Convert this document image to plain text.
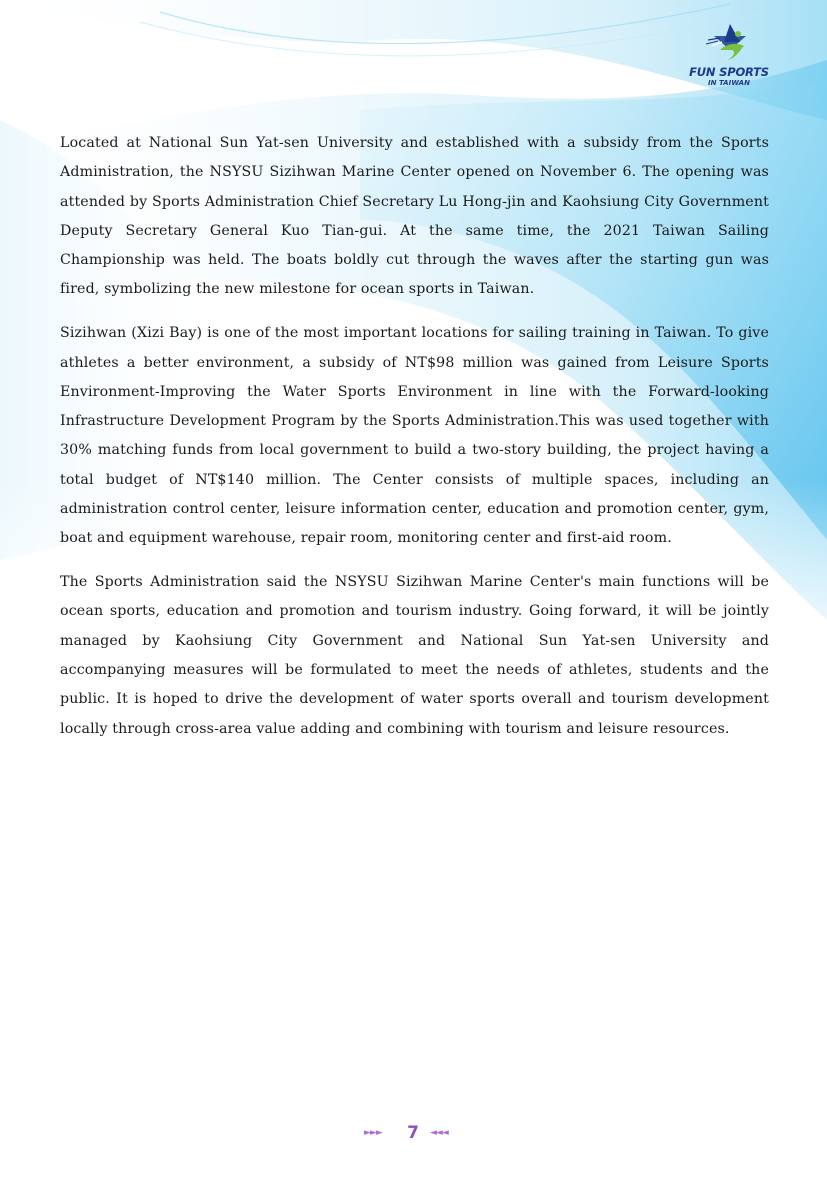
FUN SPORTS
IN TAIWAN

Located at National Sun Yat-sen University and established with a subsidy from the Sports Administration, the NSYSU Sizihwan Marine Center opened on November 6. The opening was attended by Sports Administration Chief Secretary Lu Hong-jin and Kaohsiung City Government Deputy Secretary General Kuo Tian-gui. At the same time, the 2021 Taiwan Sailing Championship was held. The boats boldly cut through the waves after the starting gun was fired, symbolizing the new milestone for ocean sports in Taiwan.

Sizihwan (Xizi Bay) is one of the most important locations for sailing training in Taiwan. To give athletes a better environment, a subsidy of NT$98 million was gained from Leisure Sports Environment-Improving the Water Sports Environment in line with the Forward-looking Infrastructure Development Program by the Sports Administration.This was used together with 30% matching funds from local government to build a two-story building, the project having a total budget of NT$140 million. The Center consists of multiple spaces, including an administration control center, leisure information center, education and promotion center, gym, boat and equipment warehouse, repair room, monitoring center and first-aid room.

The Sports Administration said the NSYSU Sizihwan Marine Center's main functions will be ocean sports, education and promotion and tourism industry. Going forward, it will be jointly managed by Kaohsiung City Government and National Sun Yat-sen University and accompanying measures will be formulated to meet the needs of athletes, students and the public. It is hoped to drive the development of water sports overall and tourism development locally through cross-area value adding and combining with tourism and leisure resources.

►►►	7	◄◄◄
